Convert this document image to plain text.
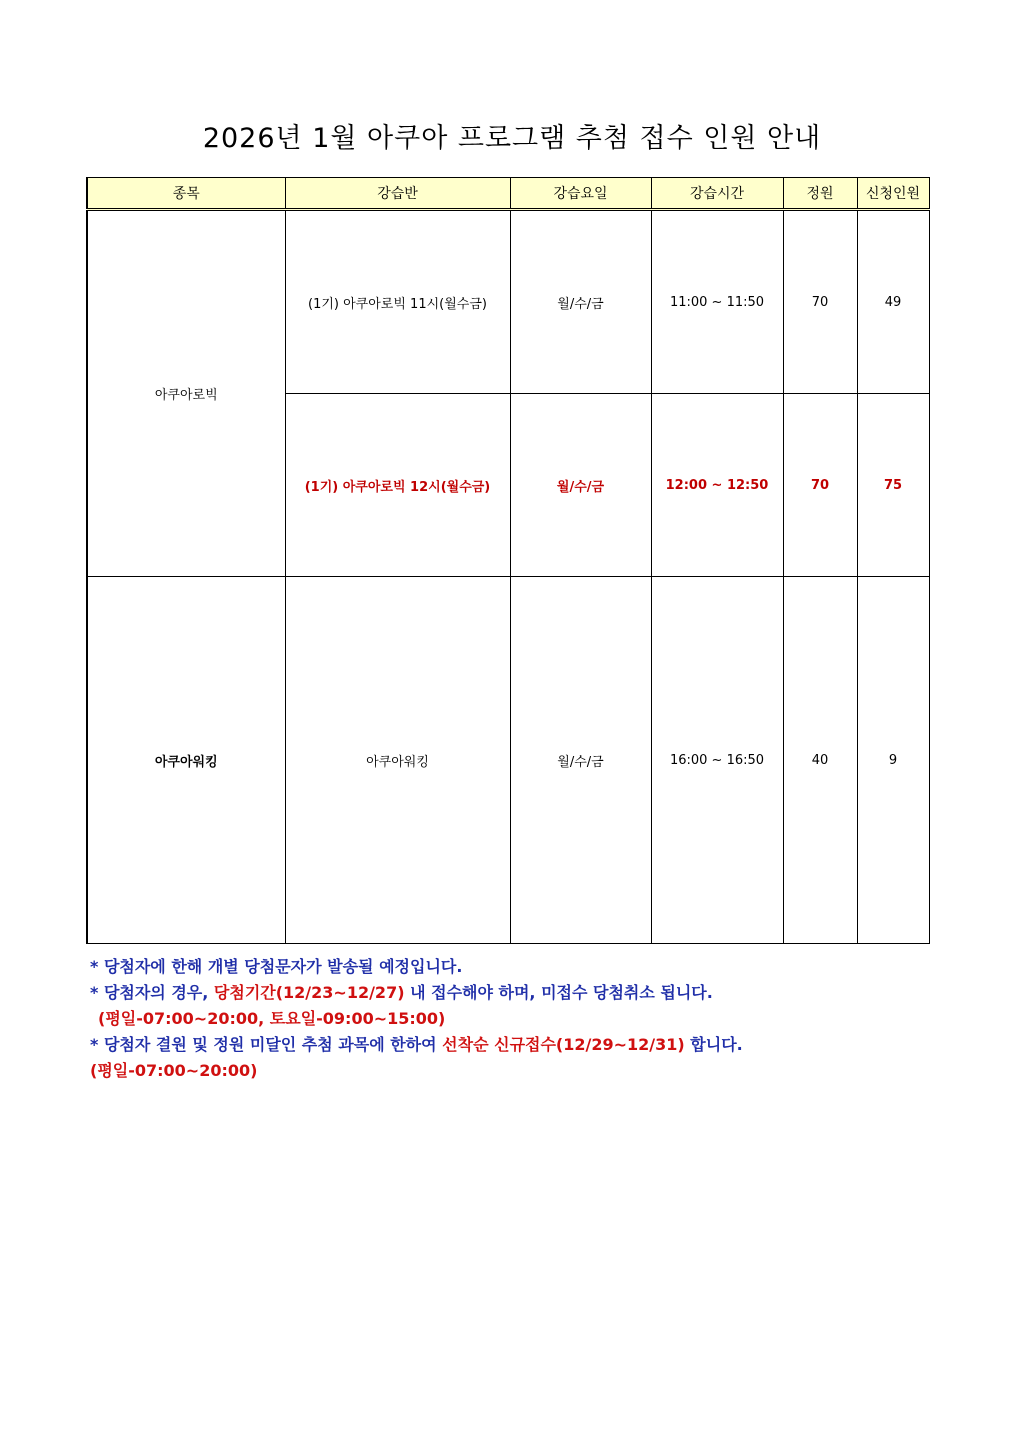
2026년 1월 아쿠아 프로그램 추첨 접수 인원 안내
종목	강습반	강습요일	강습시간	정원	신청인원
아쿠아로빅	(1기) 아쿠아로빅 11시(월수금)	월/수/금	11:00 ~ 11:50	70	49
	(1기) 아쿠아로빅 12시(월수금)	월/수/금	12:00 ~ 12:50	70	75
아쿠아워킹	아쿠아워킹	월/수/금	16:00 ~ 16:50	40	9
* 당첨자에 한해 개별 당첨문자가 발송될 예정입니다.
* 당첨자의 경우, 당첨기간(12/23~12/27) 내 접수해야 하며, 미접수 당첨취소 됩니다.
(평일-07:00~20:00, 토요일-09:00~15:00)
* 당첨자 결원 및 정원 미달인 추첨 과목에 한하여 선착순 신규접수(12/29~12/31) 합니다.
(평일-07:00~20:00)
